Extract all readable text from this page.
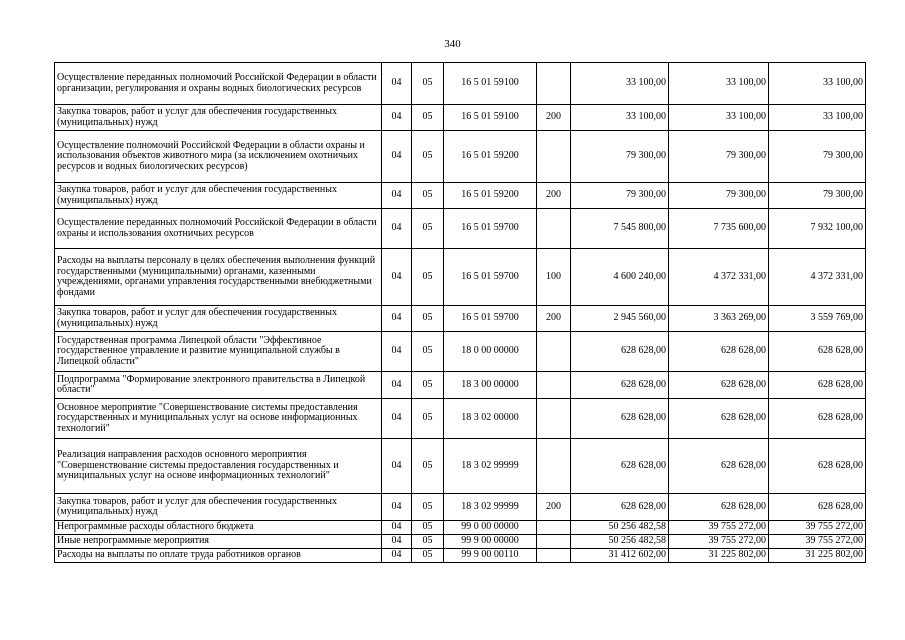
340
Осуществление переданных полномочий Российской Федерации в области организации, регулирования и охраны водных биологических ресурсов	04	05	16 5 01 59100		33 100,00	33 100,00	33 100,00
Закупка товаров, работ и услуг для обеспечения государственных (муниципальных) нужд	04	05	16 5 01 59100	200	33 100,00	33 100,00	33 100,00
Осуществление полномочий Российской Федерации в области охраны и использования объектов животного мира (за исключением охотничьих ресурсов и водных биологических ресурсов)	04	05	16 5 01 59200		79 300,00	79 300,00	79 300,00
Закупка товаров, работ и услуг для обеспечения государственных (муниципальных) нужд	04	05	16 5 01 59200	200	79 300,00	79 300,00	79 300,00
Осуществление переданных полномочий Российской Федерации в области охраны и использования охотничьих ресурсов	04	05	16 5 01 59700		7 545 800,00	7 735 600,00	7 932 100,00
Расходы на выплаты персоналу в целях обеспечения выполнения функций государственными (муниципальными) органами, казенными учреждениями, органами управления государственными внебюджетными фондами	04	05	16 5 01 59700	100	4 600 240,00	4 372 331,00	4 372 331,00
Закупка товаров, работ и услуг для обеспечения государственных (муниципальных) нужд	04	05	16 5 01 59700	200	2 945 560,00	3 363 269,00	3 559 769,00
Государственная программа Липецкой области "Эффективное государственное управление и развитие муниципальной службы в Липецкой области"	04	05	18 0 00 00000		628 628,00	628 628,00	628 628,00
Подпрограмма "Формирование электронного правительства в Липецкой области"	04	05	18 3 00 00000		628 628,00	628 628,00	628 628,00
Основное мероприятие "Совершенствование системы предоставления государственных и муниципальных услуг на основе информационных технологий"	04	05	18 3 02 00000		628 628,00	628 628,00	628 628,00
Реализация направления расходов основного мероприятия "Совершенствование системы предоставления государственных и муниципальных услуг на основе информационных технологий"	04	05	18 3 02 99999		628 628,00	628 628,00	628 628,00
Закупка товаров, работ и услуг для обеспечения государственных (муниципальных) нужд	04	05	18 3 02 99999	200	628 628,00	628 628,00	628 628,00
Непрограммные расходы областного бюджета	04	05	99 0 00 00000		50 256 482,58	39 755 272,00	39 755 272,00
Иные непрограммные мероприятия	04	05	99 9 00 00000		50 256 482,58	39 755 272,00	39 755 272,00
Расходы на выплаты по оплате труда работников органов	04	05	99 9 00 00110		31 412 602,00	31 225 802,00	31 225 802,00
